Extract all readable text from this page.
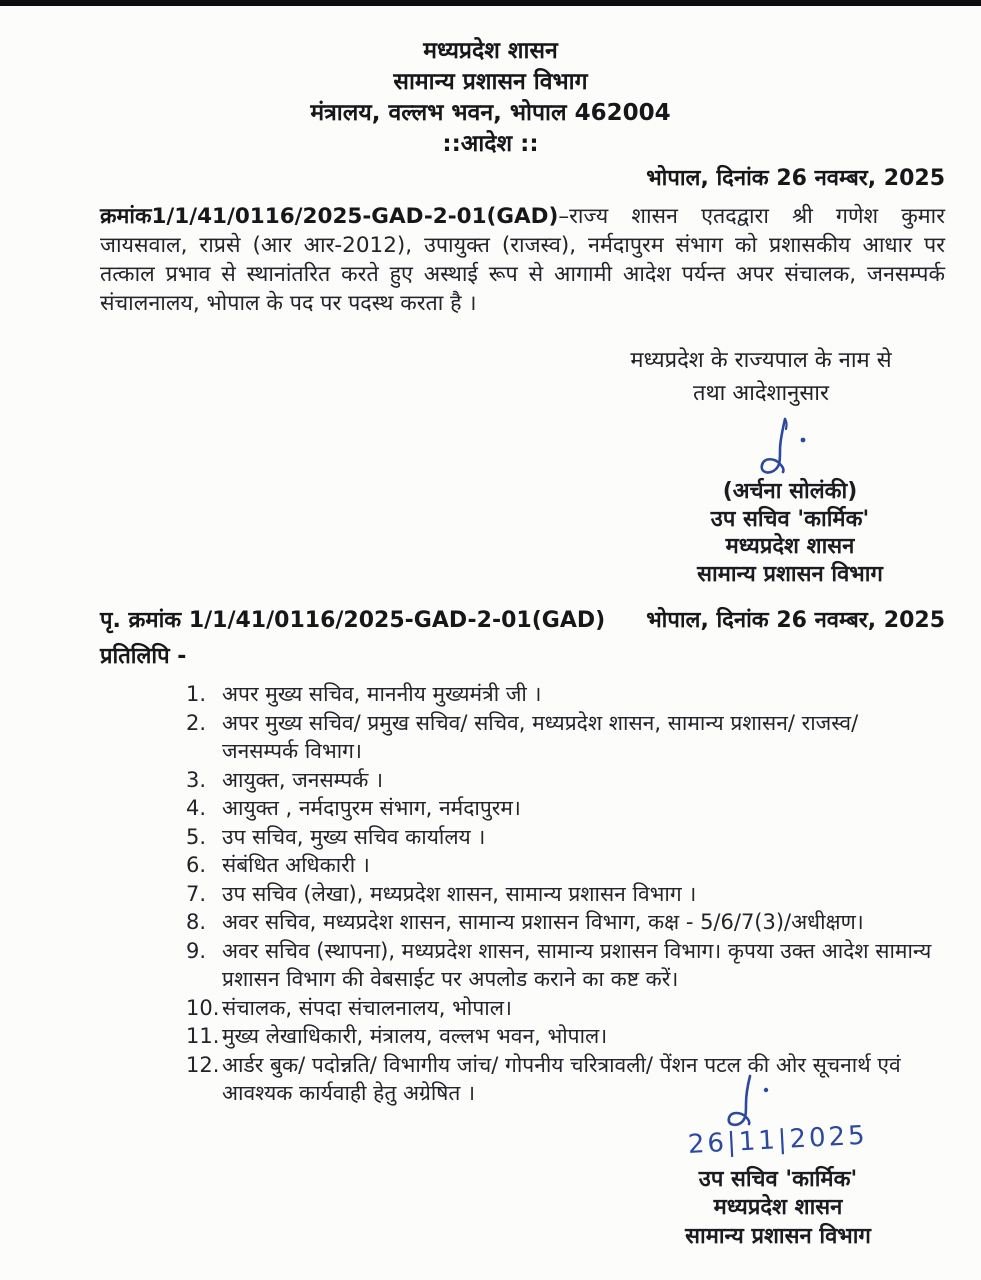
मध्यप्रदेश शासन
सामान्य प्रशासन विभाग
मंत्रालय, वल्लभ भवन, भोपाल 462004
::आदेश ::
भोपाल, दिनांक 26 नवम्बर, 2025

क्रमांक1/1/41/0116/2025-GAD-2-01(GAD)–राज्य शासन एतदद्वारा श्री गणेश कुमार जायसवाल, राप्रसे (आर आर-2012), उपायुक्त (राजस्व), नर्मदापुरम संभाग को प्रशासकीय आधार पर तत्काल प्रभाव से स्थानांतरित करते हुए अस्थाई रूप से आगामी आदेश पर्यन्त अपर संचालक, जनसम्पर्क संचालनालय, भोपाल के पद पर पदस्थ करता है ।

मध्यप्रदेश के राज्यपाल के नाम से
तथा आदेशानुसार
(अर्चना सोलंकी)
उप सचिव 'कार्मिक'
मध्यप्रदेश शासन
सामान्य प्रशासन विभाग
पृ. क्रमांक 1/1/41/0116/2025-GAD-2-01(GAD) भोपाल, दिनांक 26 नवम्बर, 2025
प्रतिलिपि -
अपर मुख्य सचिव, माननीय मुख्यमंत्री जी ।
अपर मुख्य सचिव/ प्रमुख सचिव/ सचिव, मध्यप्रदेश शासन, सामान्य प्रशासन/ राजस्व/ जनसम्पर्क विभाग।
आयुक्त, जनसम्पर्क ।
आयुक्त , नर्मदापुरम संभाग, नर्मदापुरम।
उप सचिव, मुख्य सचिव कार्यालय ।
संबंधित अधिकारी ।
उप सचिव (लेखा), मध्यप्रदेश शासन, सामान्य प्रशासन विभाग ।
अवर सचिव, मध्यप्रदेश शासन, सामान्य प्रशासन विभाग, कक्ष - 5/6/7(3)/अधीक्षण।
अवर सचिव (स्थापना), मध्यप्रदेश शासन, सामान्य प्रशासन विभाग। कृपया उक्त आदेश सामान्य प्रशासन विभाग की वेबसाईट पर अपलोड कराने का कष्ट करें।
संचालक, संपदा संचालनालय, भोपाल।
मुख्य लेखाधिकारी, मंत्रालय, वल्लभ भवन, भोपाल।
आर्डर बुक/ पदोन्नति/ विभागीय जांच/ गोपनीय चरित्रावली/ पेंशन पटल की ओर सूचनार्थ एवं आवश्यक कार्यवाही हेतु अग्रेषित ।
26|11|2025
उप सचिव 'कार्मिक'
मध्यप्रदेश शासन
सामान्य प्रशासन विभाग
